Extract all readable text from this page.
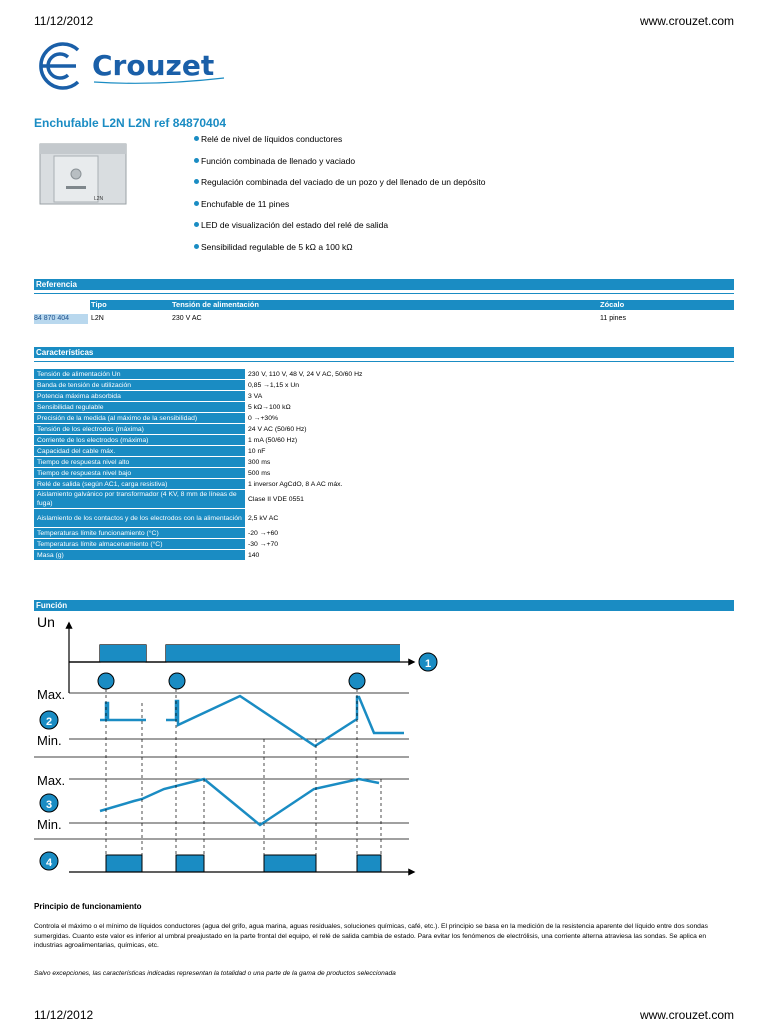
11/12/2012	www.crouzet.com
Crouzet
Enchufable L2N L2N ref 84870404
L2N
Relé de nivel de líquidos conductores
Función combinada de llenado y vaciado
Regulación combinada del vaciado de un pozo y del llenado de un depósito
Enchufable de 11 pines
LED de visualización del estado del relé de salida
Sensibilidad regulable de 5 kΩ a 100 kΩ
Referencia
Tipo	Tensión de alimentación	Zócalo
84 870 404	L2N	230 V AC	11 pines
Características
Tensión de alimentación Un	230 V, 110 V, 48 V, 24 V AC, 50/60 Hz
Banda de tensión de utilización	0,85 →1,15 x Un
Potencia máxima absorbida	3 VA
Sensibilidad regulable	5 kΩ→100 kΩ
Precisión de la medida (al máximo de la sensibilidad)	0 →+30%
Tensión de los electrodos (máxima)	24 V AC (50/60 Hz)
Corriente de los electrodos (máxima)	1 mA (50/60 Hz)
Capacidad del cable máx.	10 nF
Tiempo de respuesta nivel alto	300 ms
Tiempo de respuesta nivel bajo	500 ms
Relé de salida (según AC1, carga resistiva)	1 inversor AgCdO, 8 A AC máx.
Aislamiento galvánico por transformador (4 KV, 8 mm de líneas de fuga)	Clase II VDE 0551
Aislamiento de los contactos y de los electrodos con la alimentación	2,5 kV AC
Temperaturas límite funcionamiento (°C)	-20 →+60
Temperaturas límite almacenamiento (°C)	-30 →+70
Masa (g)	140
Función
Un
1
Max.
Min.
2
Max.
Min.
3
4
Principio de funcionamiento
Controla el máximo o el mínimo de líquidos conductores (agua del grifo, agua marina, aguas residuales, soluciones químicas, café, etc.). El principio se basa en la medición de la resistencia aparente del líquido entre dos sondas sumergidas. Cuanto este valor es inferior al umbral preajustado en la parte frontal del equipo, el relé de salida cambia de estado. Para evitar los fenómenos de electrólisis, una corriente alterna atraviesa las sondas. Se aplica en industrias agroalimentarias, químicas, etc.
Salvo excepciones, las características indicadas representan la totalidad o una parte de la gama de productos seleccionada
11/12/2012	www.crouzet.com
